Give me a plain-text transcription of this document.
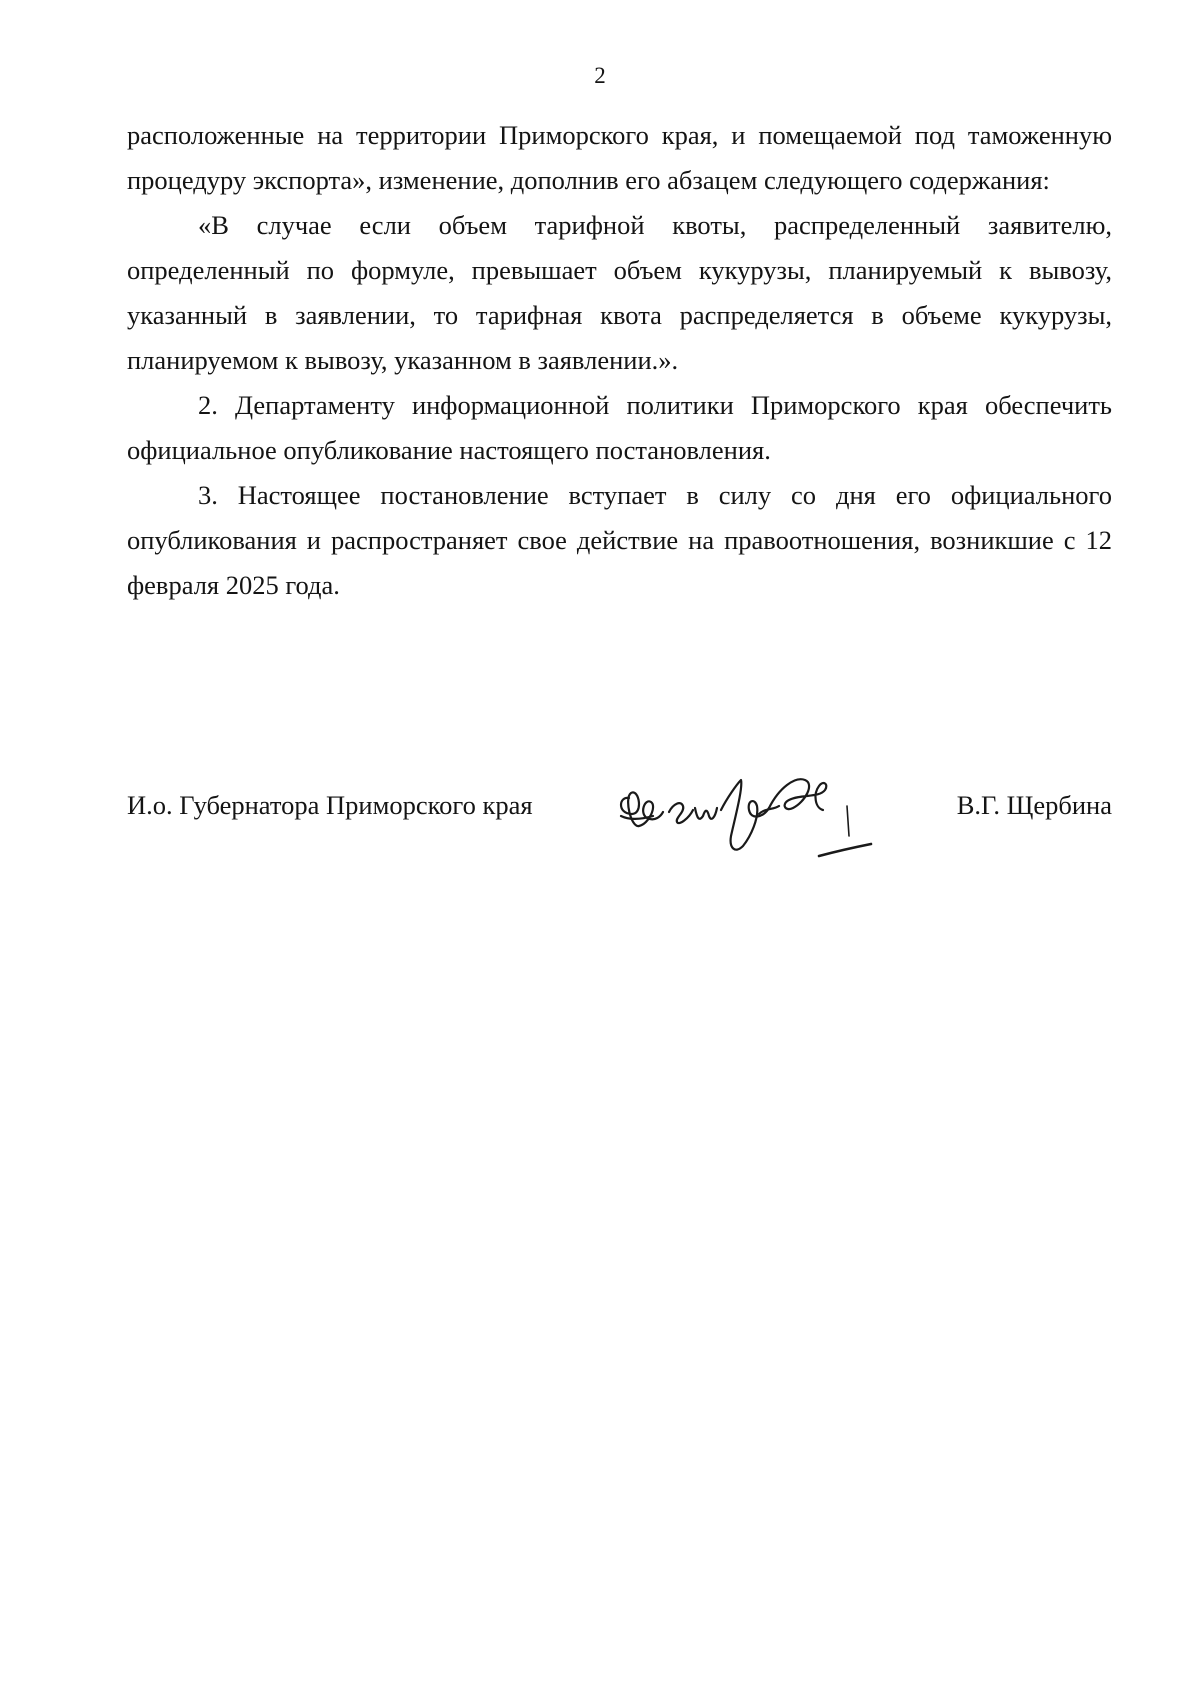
2

расположенные на территории Приморского края, и помещаемой под таможенную процедуру экспорта», изменение, дополнив его абзацем следующего содержания:

«В случае если объем тарифной квоты, распределенный заявителю, определенный по формуле, превышает объем кукурузы, планируемый к вывозу, указанный в заявлении, то тарифная квота распределяется в объеме кукурузы, планируемом к вывозу, указанном в заявлении.».

2. Департаменту информационной политики Приморского края обеспечить официальное опубликование настоящего постановления.

3. Настоящее постановление вступает в силу со дня его официального опубликования и распространяет свое действие на правоотношения, возникшие с 12 февраля 2025 года.

И.о. Губернатора Приморского края	В.Г. Щербина
